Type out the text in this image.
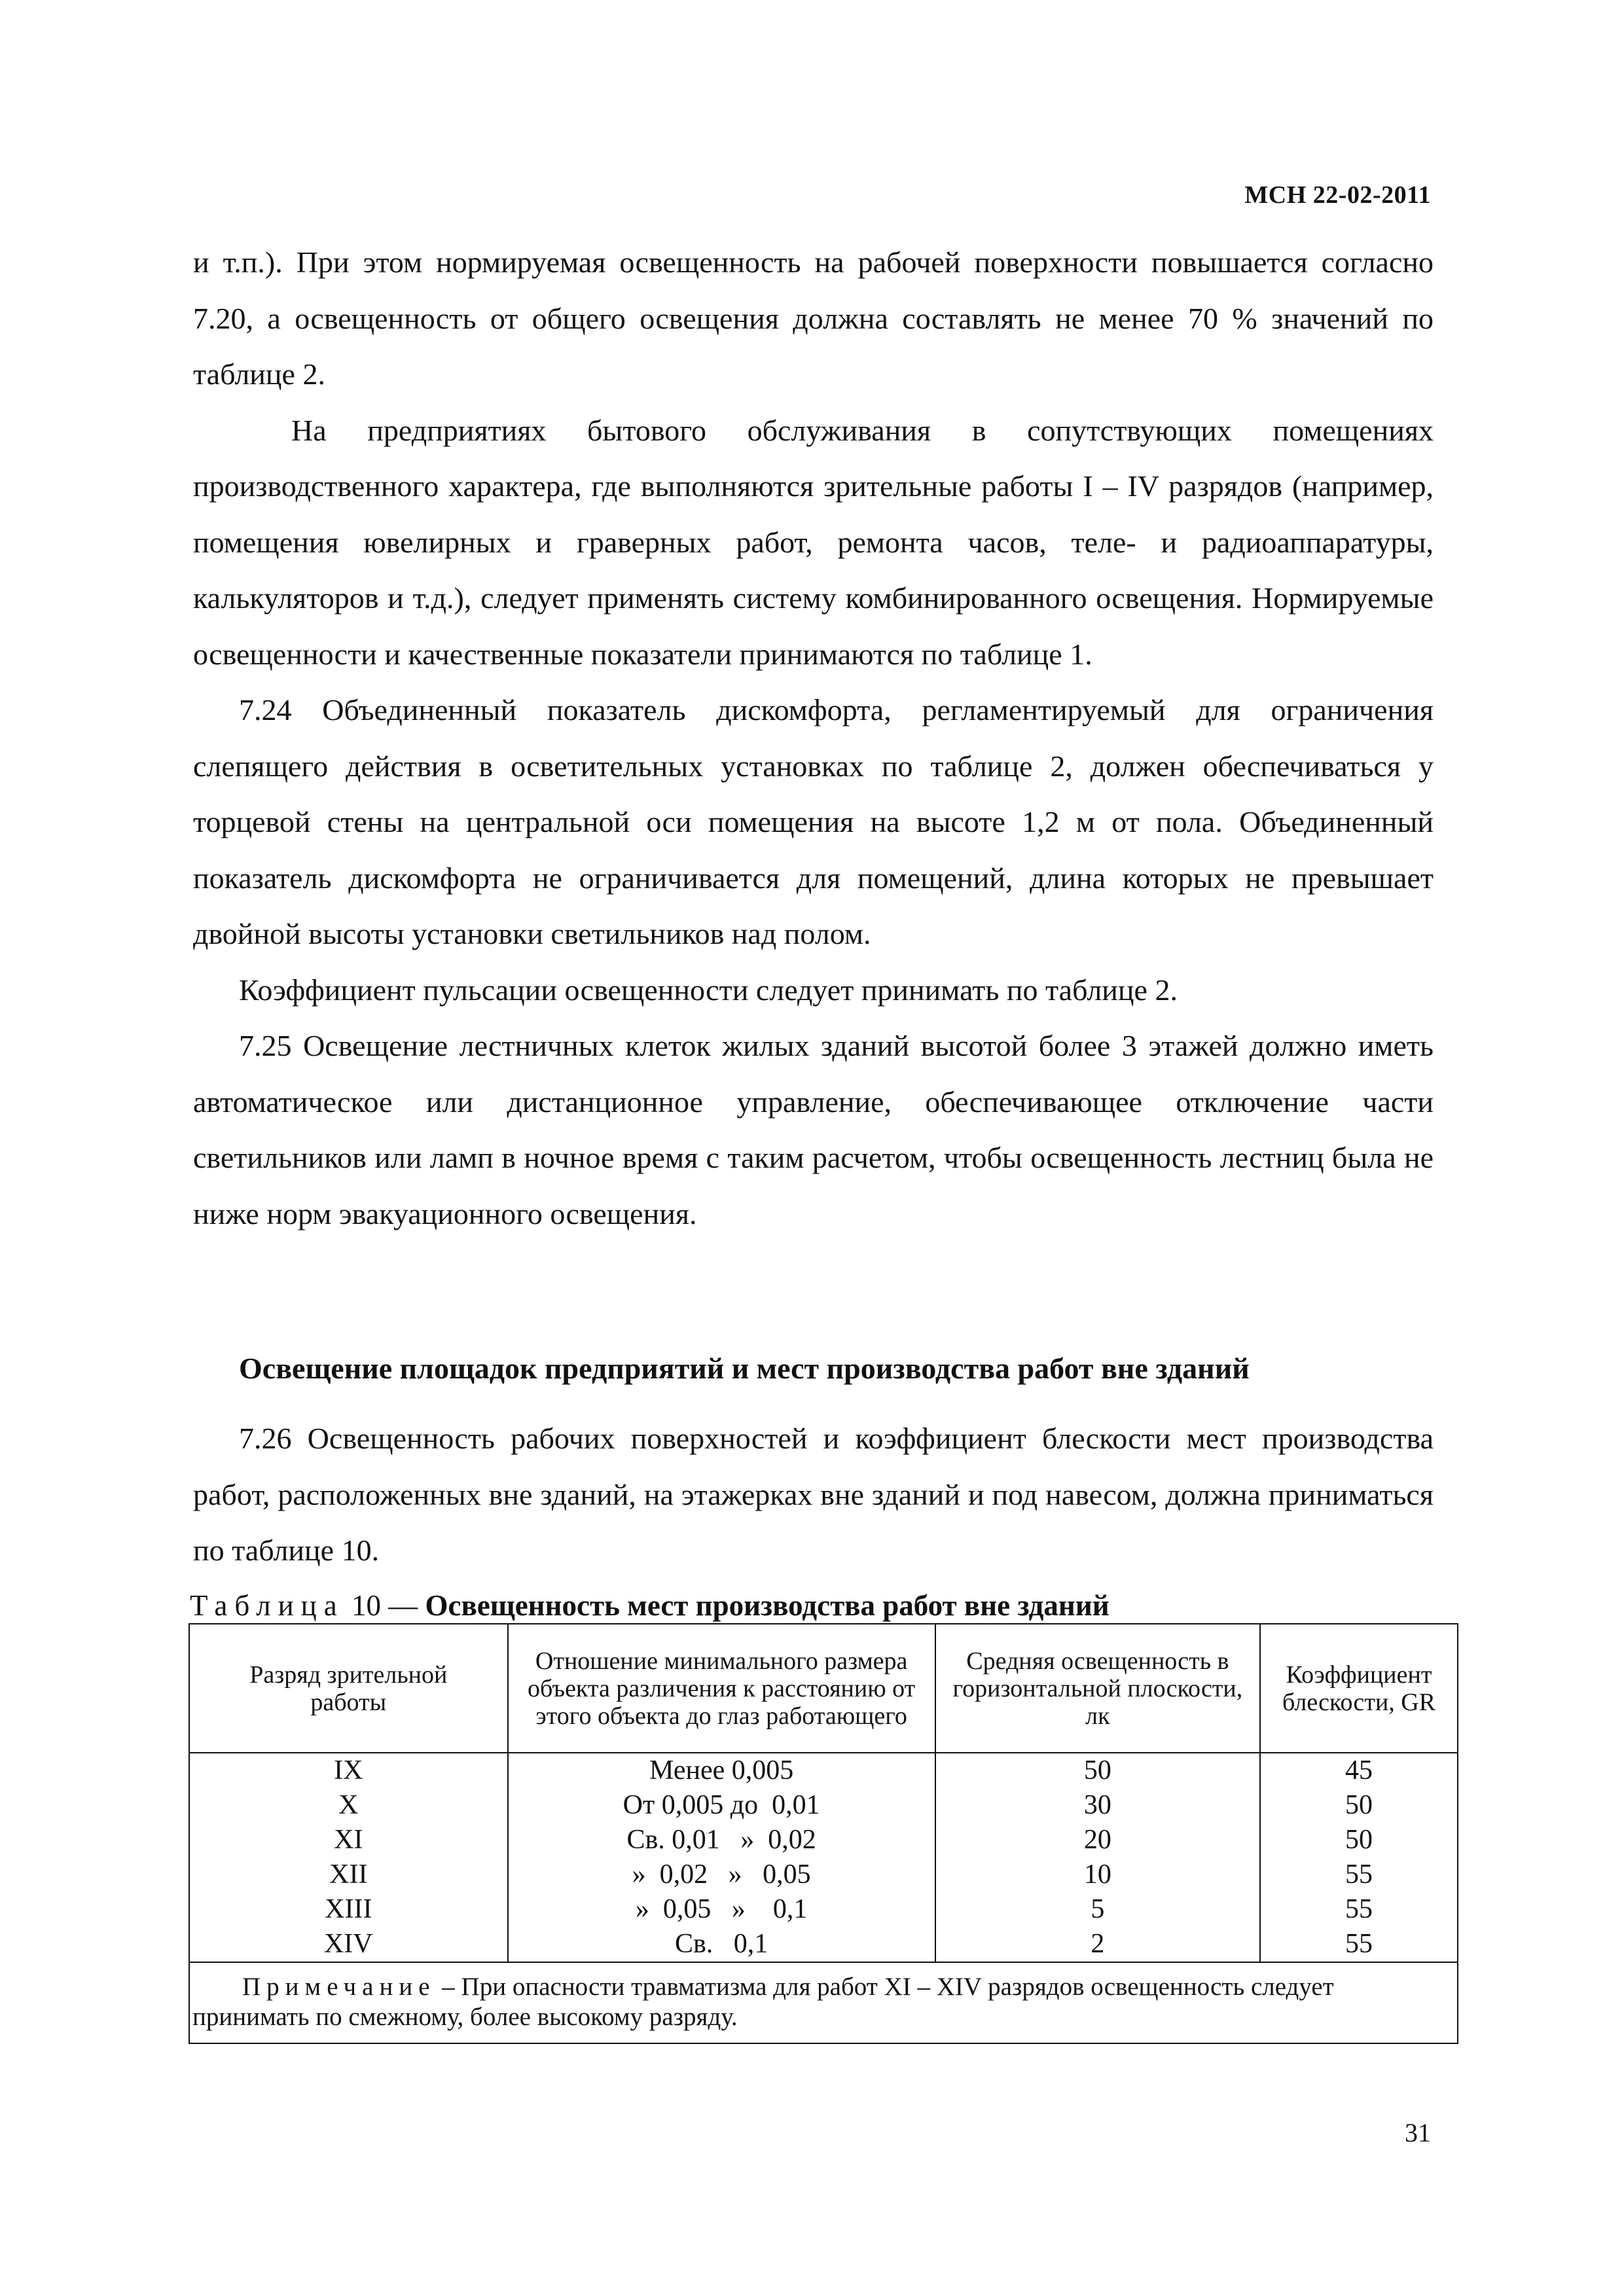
МСН 22-02-2011

и т.п.). При этом нормируемая освещенность на рабочей поверхности повышается согласно 7.20, а освещенность от общего освещения должна составлять не менее 70 % значений по таблице 2.

На предприятиях бытового обслуживания в сопутствующих помещениях производственного характера, где выполняются зрительные работы I – IV разрядов (например, помещения ювелирных и граверных работ, ремонта часов, теле- и радиоаппаратуры, калькуляторов и т.д.), следует применять систему комбинированного освещения. Нормируемые освещенности и качественные показатели принимаются по таблице 1.

7.24 Объединенный показатель дискомфорта, регламентируемый для ограничения слепящего действия в осветительных установках по таблице 2, должен обеспечиваться у торцевой стены на центральной оси помещения на высоте 1,2 м от пола. Объединенный показатель дискомфорта не ограничивается для помещений, длина которых не превышает двойной высоты установки светильников над полом.

Коэффициент пульсации освещенности следует принимать по таблице 2.

7.25 Освещение лестничных клеток жилых зданий высотой более 3 этажей должно иметь автоматическое или дистанционное управление, обеспечивающее отключение части светильников или ламп в ночное время с таким расчетом, чтобы освещенность лестниц была не ниже норм эвакуационного освещения.

Освещение площадок предприятий и мест производства работ вне зданий

7.26 Освещенность рабочих поверхностей и коэффициент блескости мест производства работ, расположенных вне зданий, на этажерках вне зданий и под навесом, должна приниматься по таблице 10.

Таблица 10 — Освещенность мест производства работ вне зданий
Разряд зрительной работы	Отношение минимального размера объекта различения к расстоянию от этого объекта до глаз работающего	Средняя освещенность в горизонтальной плоскости, лк	Коэффициент блескости, GR
IX	Менее 0,005	50	45
X	От 0,005 до  0,01	30	50
XI	Св. 0,01   »  0,02	20	50
XII	»  0,02   »   0,05	10	55
XIII	»  0,05   »    0,1	5	55
XIV	Св.   0,1	2	55
Примечание – При опасности травматизма для работ XI – XIV разрядов освещенность следует принимать по смежному, более высокому разряду.			
31
